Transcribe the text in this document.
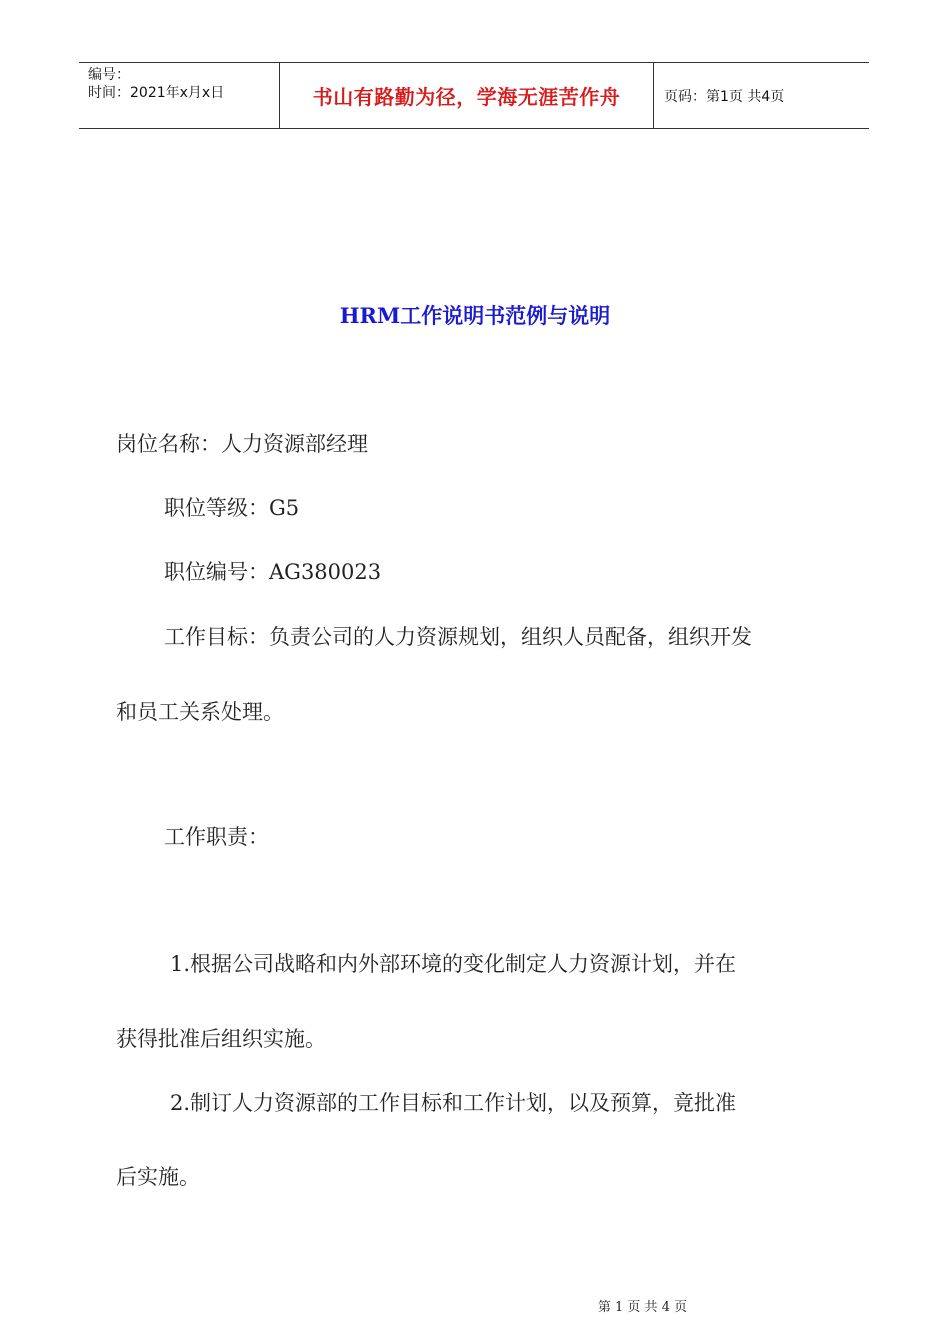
编号：
时间：2021年x月x日	书山有路勤为径，学海无涯苦作舟	页码：第1页 共4页
HRM工作说明书范例与说明
岗位名称：人力资源部经理
职位等级：G5
职位编号：AG380023
工作目标：负责公司的人力资源规划，组织人员配备，组织开发
和员工关系处理。
工作职责：
1.根据公司战略和内外部环境的变化制定人力资源计划，并在
获得批准后组织实施。
2.制订人力资源部的工作目标和工作计划，以及预算，竟批准
后实施。
第 1 页 共 4 页
